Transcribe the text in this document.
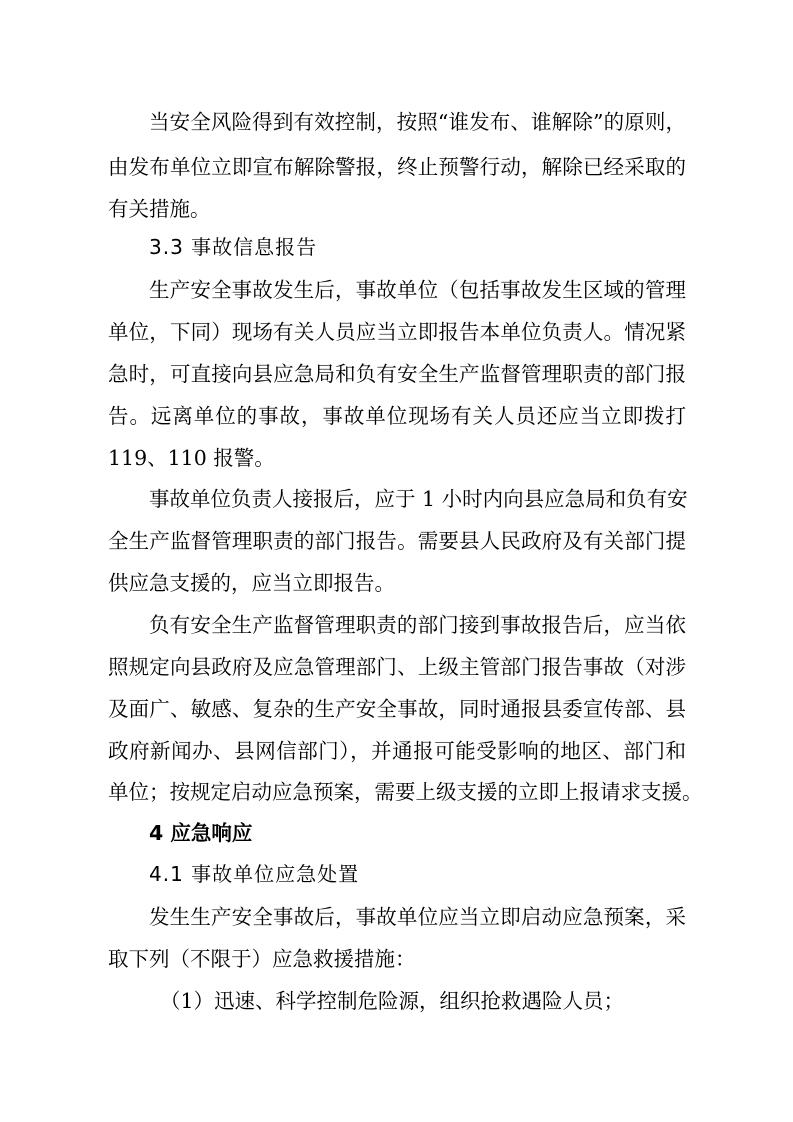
当安全风险得到有效控制，按照“谁发布、谁解除”的原则，
由发布单位立即宣布解除警报，终止预警行动，解除已经采取的
有关措施。
3.3 事故信息报告
生产安全事故发生后，事故单位（包括事故发生区域的管理
单位，下同）现场有关人员应当立即报告本单位负责人。情况紧
急时，可直接向县应急局和负有安全生产监督管理职责的部门报
告。远离单位的事故，事故单位现场有关人员还应当立即拨打
119、110 报警。
事故单位负责人接报后，应于 1 小时内向县应急局和负有安
全生产监督管理职责的部门报告。需要县人民政府及有关部门提
供应急支援的，应当立即报告。
负有安全生产监督管理职责的部门接到事故报告后，应当依
照规定向县政府及应急管理部门、上级主管部门报告事故（对涉
及面广、敏感、复杂的生产安全事故，同时通报县委宣传部、县
政府新闻办、县网信部门），并通报可能受影响的地区、部门和
单位；按规定启动应急预案，需要上级支援的立即上报请求支援。
4 应急响应
4.1 事故单位应急处置
发生生产安全事故后，事故单位应当立即启动应急预案，采
取下列（不限于）应急救援措施：
（1）迅速、科学控制危险源，组织抢救遇险人员；
